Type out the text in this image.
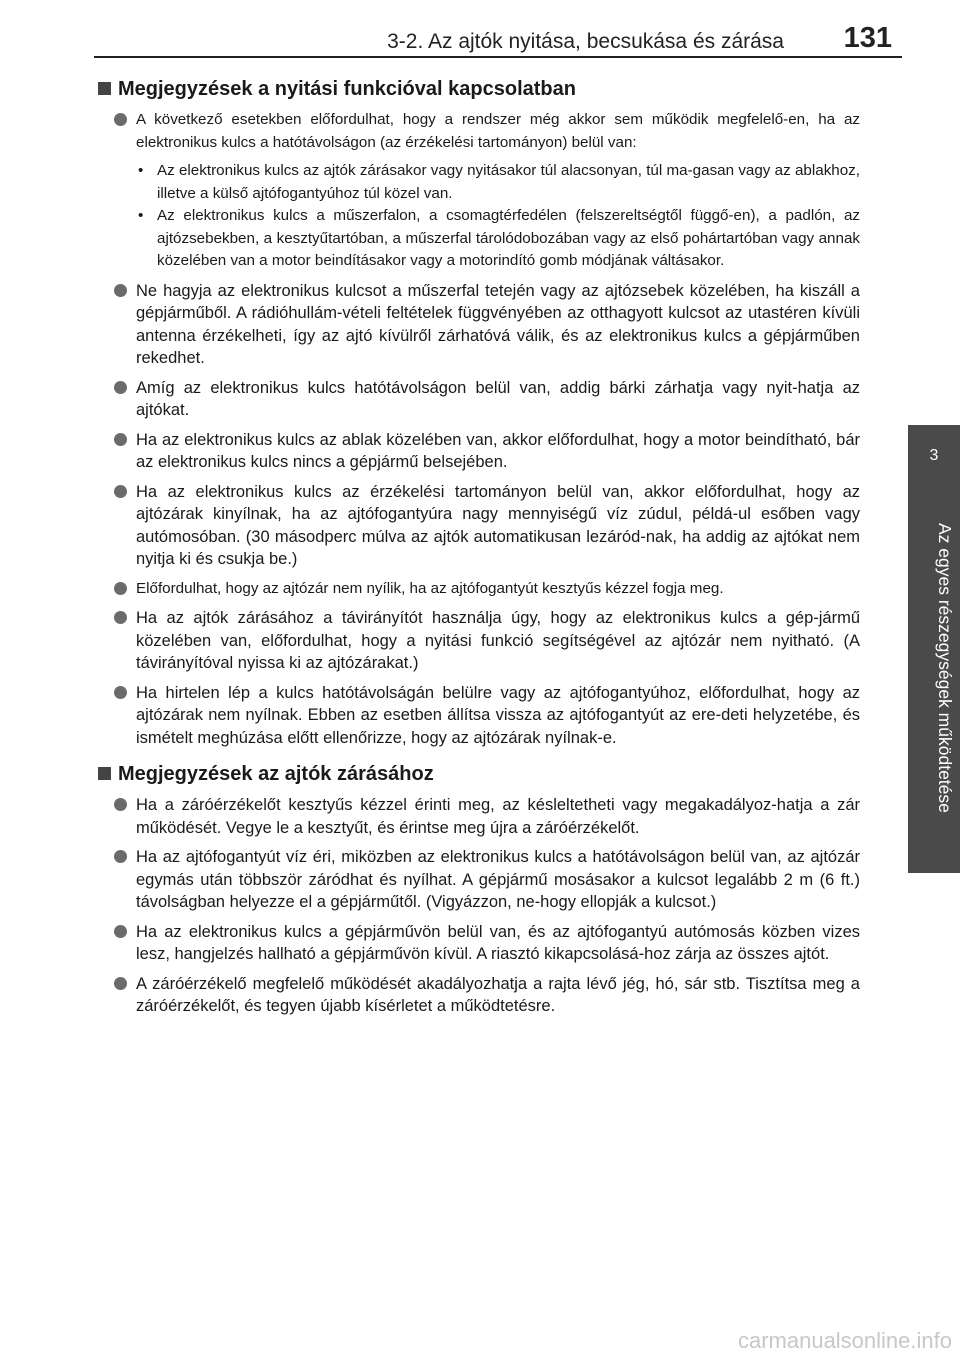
3-2. Az ajtók nyitása, becsukása és zárása 131
3
Az egyes részegységek működtetése
Megjegyzések a nyitási funkcióval kapcsolatban
A következő esetekben előfordulhat, hogy a rendszer még akkor sem működik megfelelő-en, ha az elektronikus kulcs a hatótávolságon (az érzékelési tartományon) belül van:
• Az elektronikus kulcs az ajtók zárásakor vagy nyitásakor túl alacsonyan, túl ma-gasan vagy az ablakhoz, illetve a külső ajtófogantyúhoz túl közel van.
• Az elektronikus kulcs a műszerfalon, a csomagtérfedélen (felszereltségtől függő-en), a padlón, az ajtózsebekben, a kesztyűtartóban, a műszerfal tárolódobozában vagy az első pohártartóban vagy annak közelében van a motor beindításakor vagy a motorindító gomb módjának váltásakor.
Ne hagyja az elektronikus kulcsot a műszerfal tetején vagy az ajtózsebek közelében, ha kiszáll a gépjárműből. A rádióhullám-vételi feltételek függvényében az otthagyott kulcsot az utastéren kívüli antenna érzékelheti, így az ajtó kívülről zárhatóvá válik, és az elektronikus kulcs a gépjárműben rekedhet.
Amíg az elektronikus kulcs hatótávolságon belül van, addig bárki zárhatja vagy nyit-hatja az ajtókat.
Ha az elektronikus kulcs az ablak közelében van, akkor előfordulhat, hogy a motor beindítható, bár az elektronikus kulcs nincs a gépjármű belsejében.
Ha az elektronikus kulcs az érzékelési tartományon belül van, akkor előfordulhat, hogy az ajtózárak kinyílnak, ha az ajtófogantyúra nagy mennyiségű víz zúdul, példá-ul esőben vagy autómosóban. (30 másodperc múlva az ajtók automatikusan lezáród-nak, ha addig az ajtókat nem nyitja ki és csukja be.)
Előfordulhat, hogy az ajtózár nem nyílik, ha az ajtófogantyút kesztyűs kézzel fogja meg.
Ha az ajtók zárásához a távirányítót használja úgy, hogy az elektronikus kulcs a gép-jármű közelében van, előfordulhat, hogy a nyitási funkció segítségével az ajtózár nem nyitható. (A távirányítóval nyissa ki az ajtózárakat.)
Ha hirtelen lép a kulcs hatótávolságán belülre vagy az ajtófogantyúhoz, előfordulhat, hogy az ajtózárak nem nyílnak. Ebben az esetben állítsa vissza az ajtófogantyút az ere-deti helyzetébe, és ismételt meghúzása előtt ellenőrizze, hogy az ajtózárak nyílnak-e.
Megjegyzések az ajtók zárásához
Ha a záróérzékelőt kesztyűs kézzel érinti meg, az késleltetheti vagy megakadályoz-hatja a zár működését. Vegye le a kesztyűt, és érintse meg újra a záróérzékelőt.
Ha az ajtófogantyút víz éri, miközben az elektronikus kulcs a hatótávolságon belül van, az ajtózár egymás után többször záródhat és nyílhat. A gépjármű mosásakor a kulcsot legalább 2 m (6 ft.) távolságban helyezze el a gépjárműtől. (Vigyázzon, ne-hogy ellopják a kulcsot.)
Ha az elektronikus kulcs a gépjárművön belül van, és az ajtófogantyú autómosás közben vizes lesz, hangjelzés hallható a gépjárművön kívül. A riasztó kikapcsolásá-hoz zárja az összes ajtót.
A záróérzékelő megfelelő működését akadályozhatja a rajta lévő jég, hó, sár stb. Tisztítsa meg a záróérzékelőt, és tegyen újabb kísérletet a működtetésre.
carmanualsonline.info
